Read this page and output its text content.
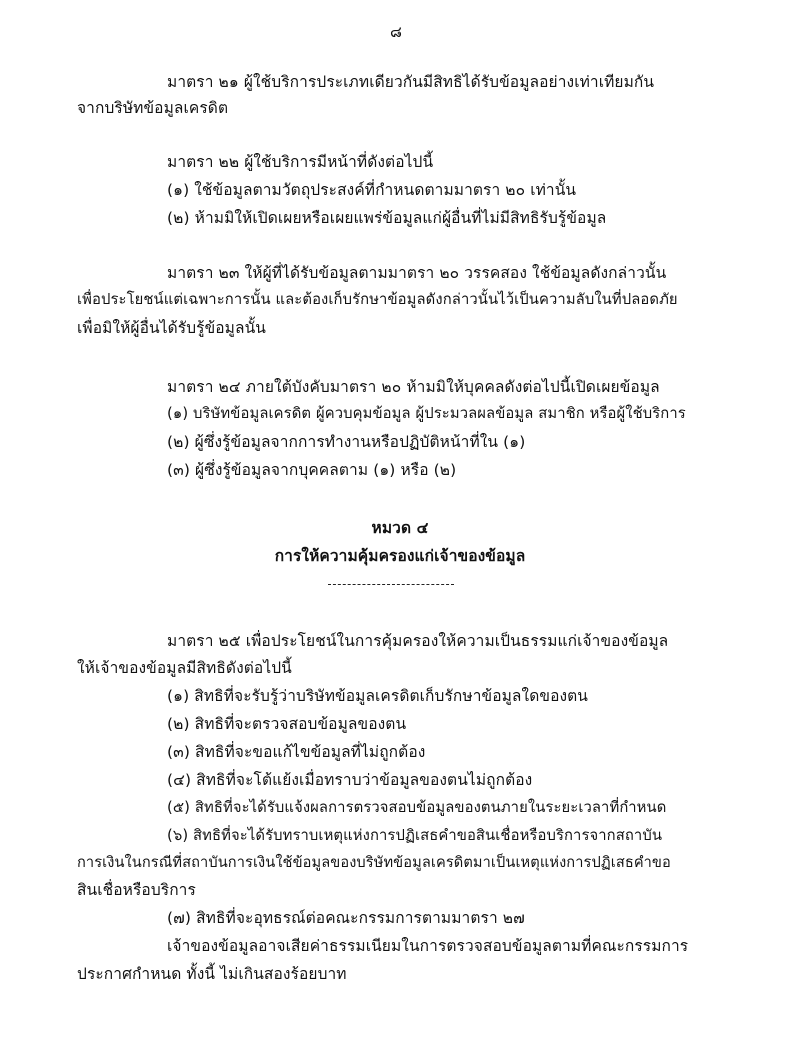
๘
มาตรา ๒๑ ผู้ใช้บริการประเภทเดียวกันมีสิทธิได้รับข้อมูลอย่างเท่าเทียมกัน
จากบริษัทข้อมูลเครดิต
มาตรา ๒๒ ผู้ใช้บริการมีหน้าที่ดังต่อไปนี้
(๑) ใช้ข้อมูลตามวัตถุประสงค์ที่กำหนดตามมาตรา ๒๐ เท่านั้น
(๒) ห้ามมิให้เปิดเผยหรือเผยแพร่ข้อมูลแก่ผู้อื่นที่ไม่มีสิทธิรับรู้ข้อมูล
มาตรา ๒๓ ให้ผู้ที่ได้รับข้อมูลตามมาตรา ๒๐ วรรคสอง ใช้ข้อมูลดังกล่าวนั้น
เพื่อประโยชน์แต่เฉพาะการนั้น และต้องเก็บรักษาข้อมูลดังกล่าวนั้นไว้เป็นความลับในที่ปลอดภัย
เพื่อมิให้ผู้อื่นได้รับรู้ข้อมูลนั้น
มาตรา ๒๔ ภายใต้บังคับมาตรา ๒๐ ห้ามมิให้บุคคลดังต่อไปนี้เปิดเผยข้อมูล
(๑) บริษัทข้อมูลเครดิต ผู้ควบคุมข้อมูล ผู้ประมวลผลข้อมูล สมาชิก หรือผู้ใช้บริการ
(๒) ผู้ซึ่งรู้ข้อมูลจากการทำงานหรือปฏิบัติหน้าที่ใน (๑)
(๓) ผู้ซึ่งรู้ข้อมูลจากบุคคลตาม (๑) หรือ (๒)
หมวด ๔
การให้ความคุ้มครองแก่เจ้าของข้อมูล
มาตรา ๒๕ เพื่อประโยชน์ในการคุ้มครองให้ความเป็นธรรมแก่เจ้าของข้อมูล
ให้เจ้าของข้อมูลมีสิทธิดังต่อไปนี้
(๑) สิทธิที่จะรับรู้ว่าบริษัทข้อมูลเครดิตเก็บรักษาข้อมูลใดของตน
(๒) สิทธิที่จะตรวจสอบข้อมูลของตน
(๓) สิทธิที่จะขอแก้ไขข้อมูลที่ไม่ถูกต้อง
(๔) สิทธิที่จะโต้แย้งเมื่อทราบว่าข้อมูลของตนไม่ถูกต้อง
(๕) สิทธิที่จะได้รับแจ้งผลการตรวจสอบข้อมูลของตนภายในระยะเวลาที่กำหนด
(๖) สิทธิที่จะได้รับทราบเหตุแห่งการปฏิเสธคำขอสินเชื่อหรือบริการจากสถาบัน
การเงินในกรณีที่สถาบันการเงินใช้ข้อมูลของบริษัทข้อมูลเครดิตมาเป็นเหตุแห่งการปฏิเสธคำขอ
สินเชื่อหรือบริการ
(๗) สิทธิที่จะอุทธรณ์ต่อคณะกรรมการตามมาตรา ๒๗
เจ้าของข้อมูลอาจเสียค่าธรรมเนียมในการตรวจสอบข้อมูลตามที่คณะกรรมการ
ประกาศกำหนด ทั้งนี้ ไม่เกินสองร้อยบาท
